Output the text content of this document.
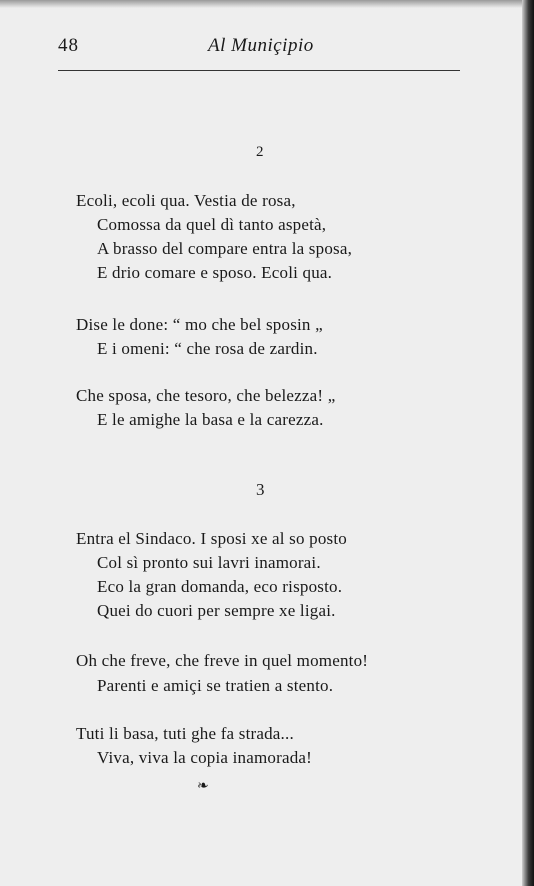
48	Al Muniçipio
2
Ecoli, ecoli qua. Vestia de rosa,
Comossa da quel dì tanto aspetà,
A brasso del compare entra la sposa,
E drio comare e sposo. Ecoli qua.
Dise le done: “ mo che bel sposin „
E i omeni: “ che rosa de zardin.
Che sposa, che tesoro, che belezza! „
E le amighe la basa e la carezza.
3
Entra el Sindaco. I sposi xe al so posto
Col sì pronto sui lavri inamorai.
Eco la gran domanda, eco risposto.
Quei do cuori per sempre xe ligai.
Oh che freve, che freve in quel momento!
Parenti e amiçi se tratien a stento.
Tuti li basa, tuti ghe fa strada...
Viva, viva la copia inamorada!
❧
